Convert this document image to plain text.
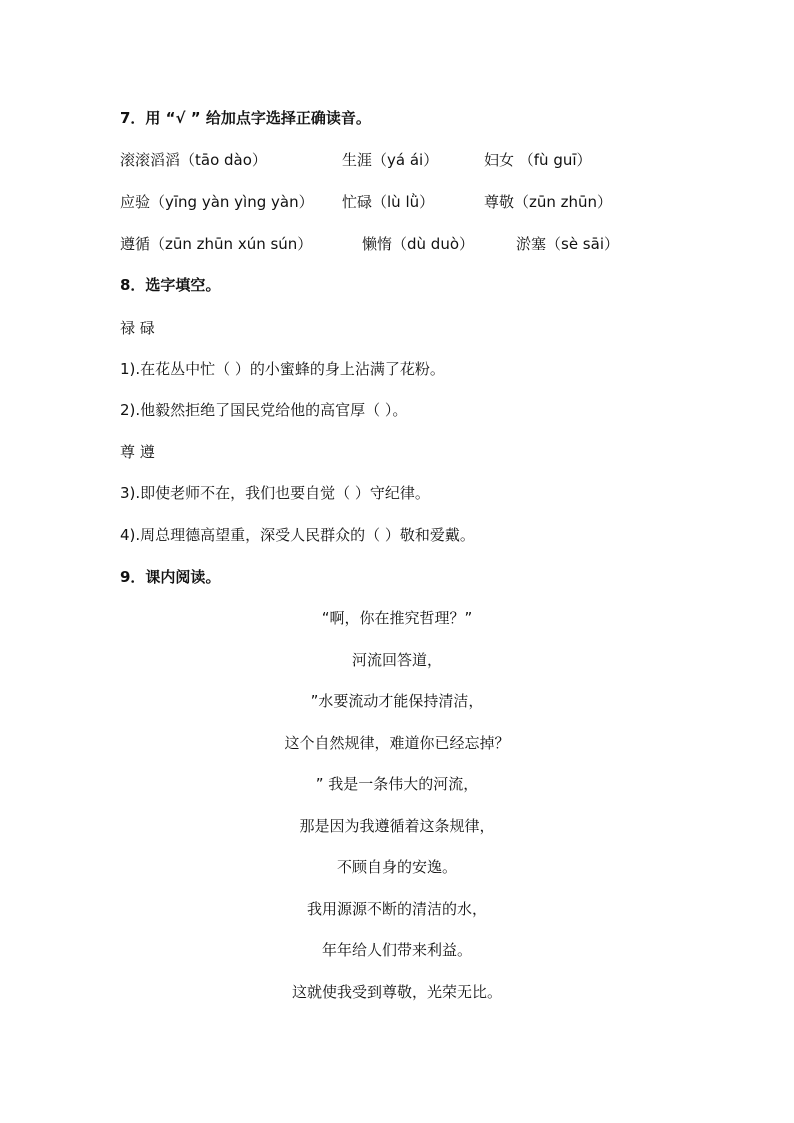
7．用 “√ ” 给加点字选择正确读音。
滚滚滔滔（tāo dào）	生涯（yá ái）	妇女 （fù guī）
应验（yīng yàn yìng yàn） 忙碌（lù lǜ）	尊敬（zūn zhūn）
遵循（zūn zhūn xún sún）	懒惰（dù duò）	淤塞（sè sāi）
8．选字填空。
禄 碌
1).在花丛中忙（ ）的小蜜蜂的身上沾满了花粉。
2).他毅然拒绝了国民党给他的高官厚（ ）。
尊 遵
3).即使老师不在，我们也要自觉（ ）守纪律。
4).周总理德高望重，深受人民群众的（ ）敬和爱戴。
9．课内阅读。
“啊，你在推究哲理？”
河流回答道，
”水要流动才能保持清洁，
这个自然规律，难道你已经忘掉？
” 我是一条伟大的河流，
那是因为我遵循着这条规律，
不顾自身的安逸。
我用源源不断的清洁的水，
年年给人们带来利益。
这就使我受到尊敬，光荣无比。
